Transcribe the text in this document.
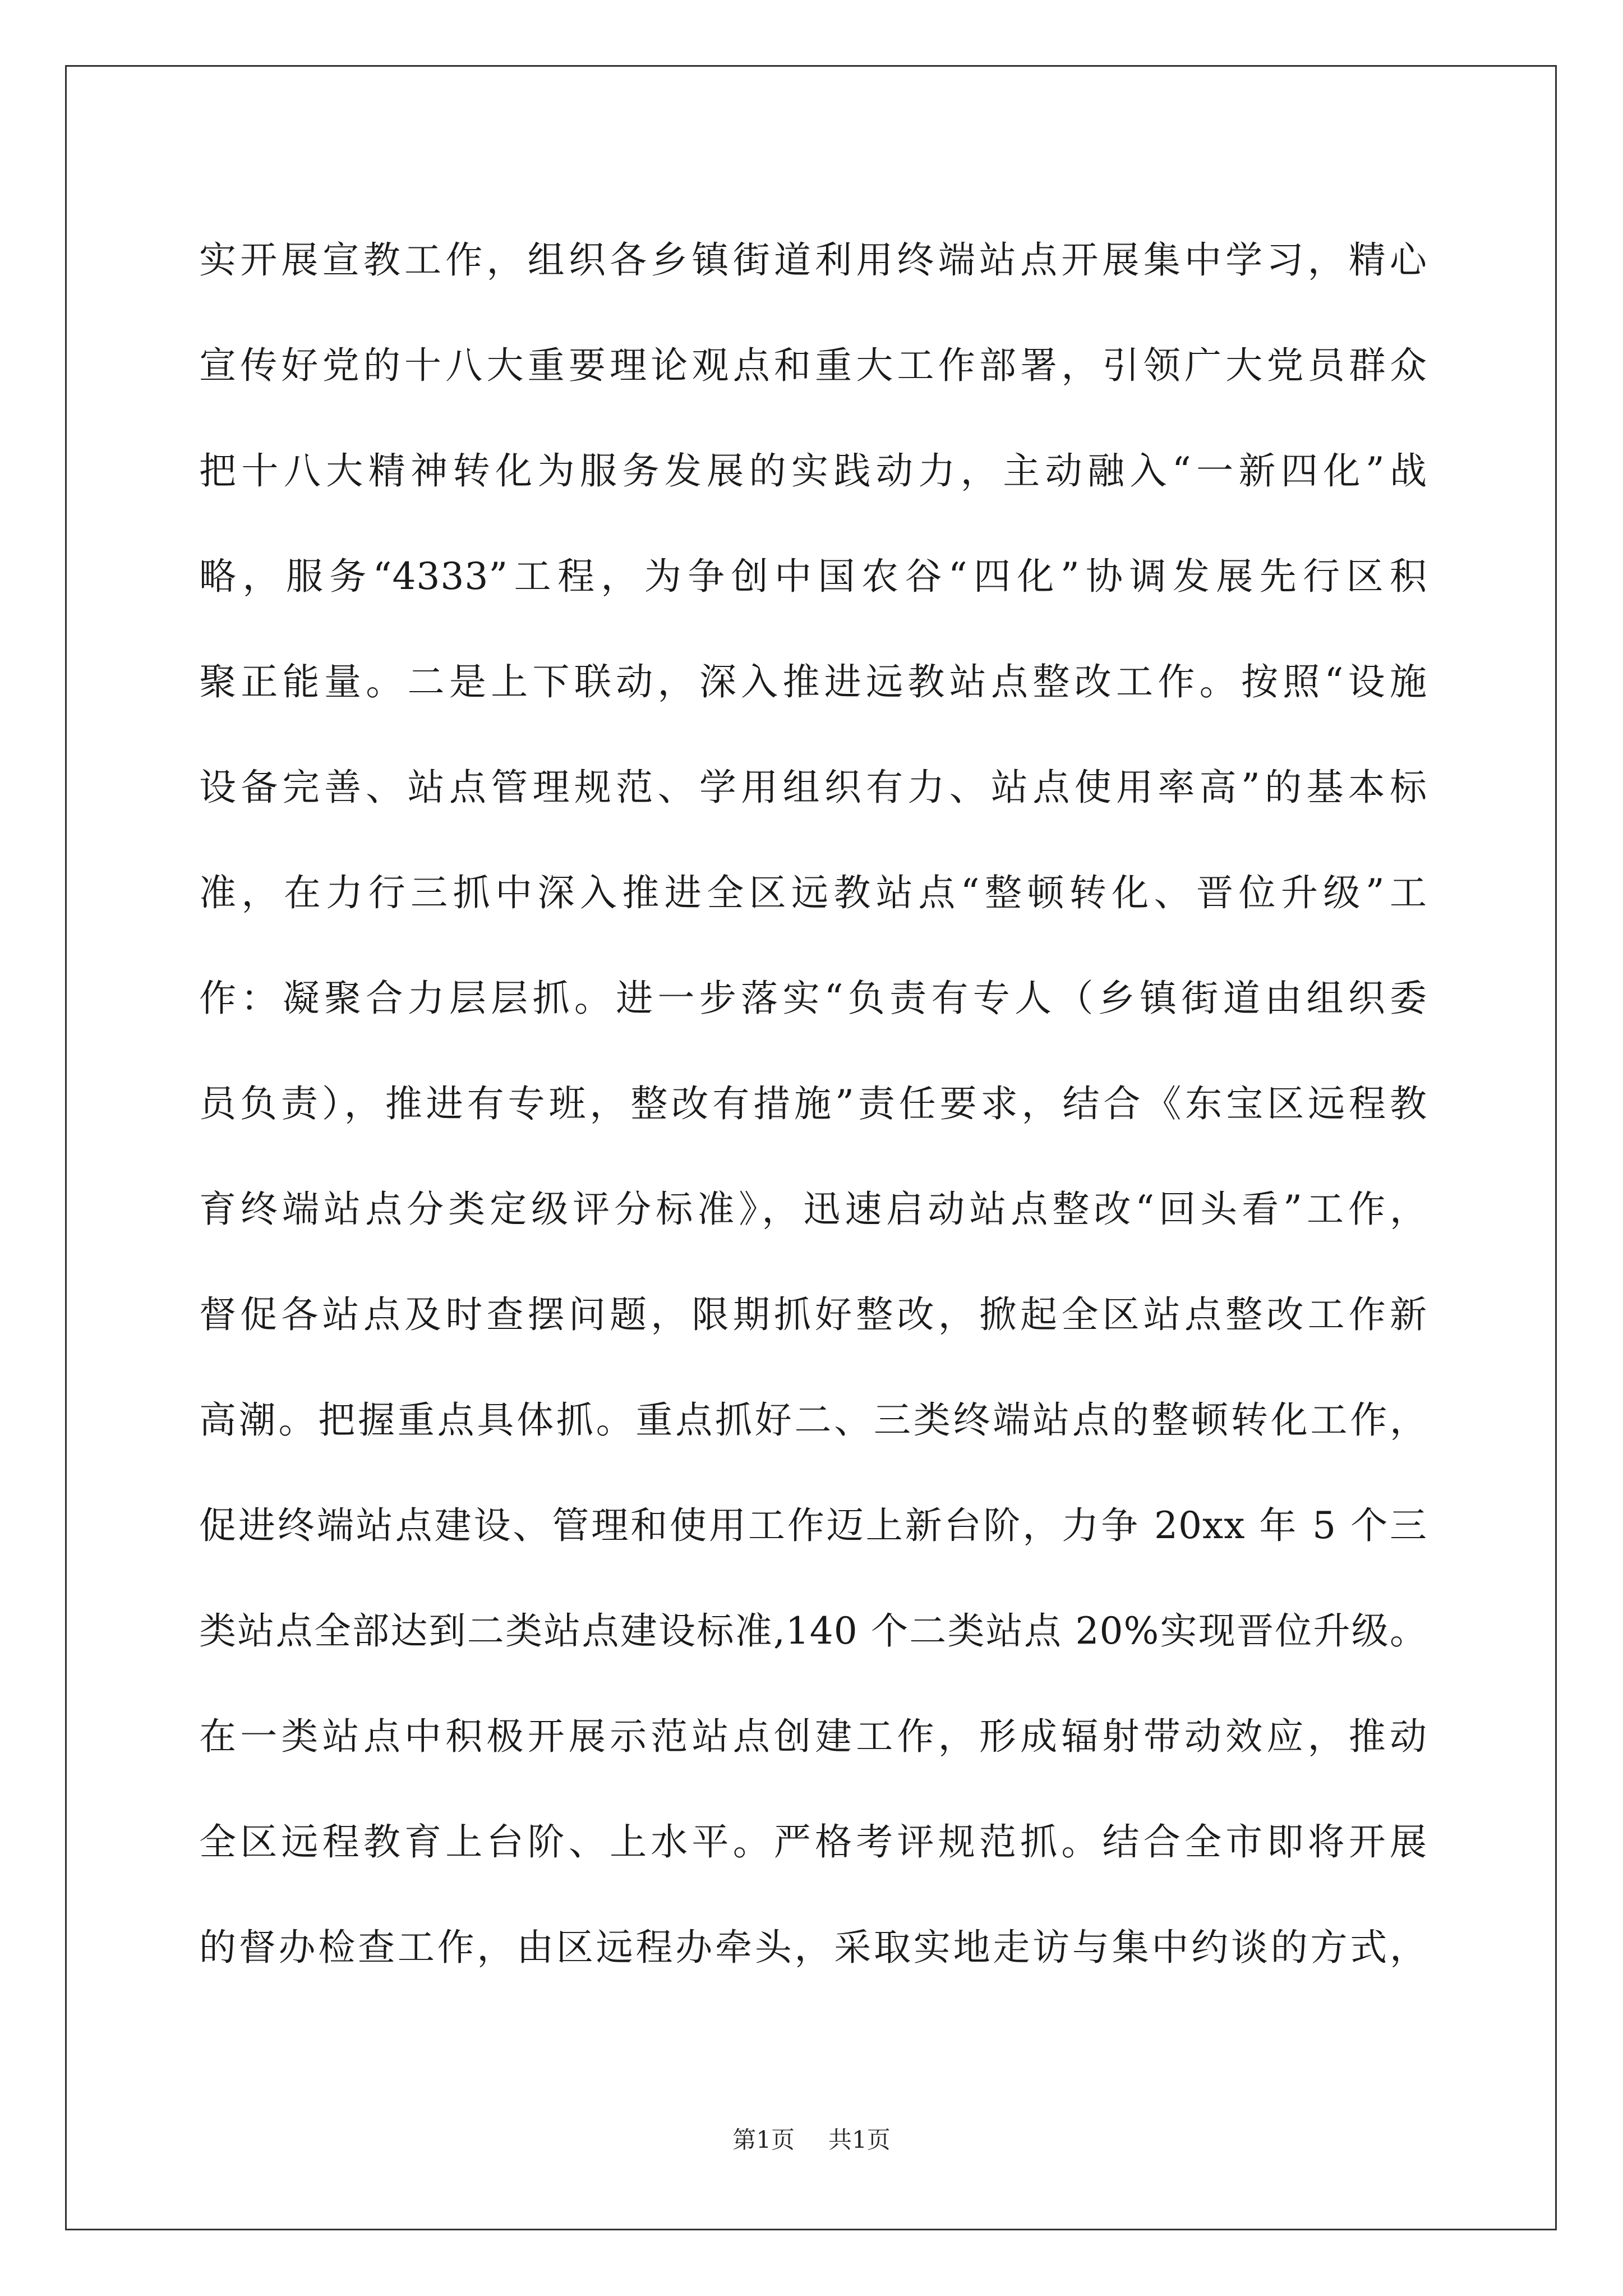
实开展宣教工作，组织各乡镇街道利用终端站点开展集中学习，精心
宣传好党的十八大重要理论观点和重大工作部署，引领广大党员群众
把十八大精神转化为服务发展的实践动力，主动融入“一新四化”战
略，服务“4333”工程，为争创中国农谷“四化”协调发展先行区积
聚正能量。二是上下联动，深入推进远教站点整改工作。按照“设施
设备完善、站点管理规范、学用组织有力、站点使用率高”的基本标
准，在力行三抓中深入推进全区远教站点“整顿转化、晋位升级”工
作：凝聚合力层层抓。进一步落实“负责有专人（乡镇街道由组织委
员负责），推进有专班，整改有措施”责任要求，结合《东宝区远程教
育终端站点分类定级评分标准》，迅速启动站点整改“回头看”工作，
督促各站点及时查摆问题，限期抓好整改，掀起全区站点整改工作新
高潮。把握重点具体抓。重点抓好二、三类终端站点的整顿转化工作，
促进终端站点建设、管理和使用工作迈上新台阶，力争 20xx 年 5 个三
类站点全部达到二类站点建设标准,140 个二类站点 20%实现晋位升级。
在一类站点中积极开展示范站点创建工作，形成辐射带动效应，推动
全区远程教育上台阶、上水平。严格考评规范抓。结合全市即将开展
的督办检查工作，由区远程办牵头，采取实地走访与集中约谈的方式，
第1页 共1页
